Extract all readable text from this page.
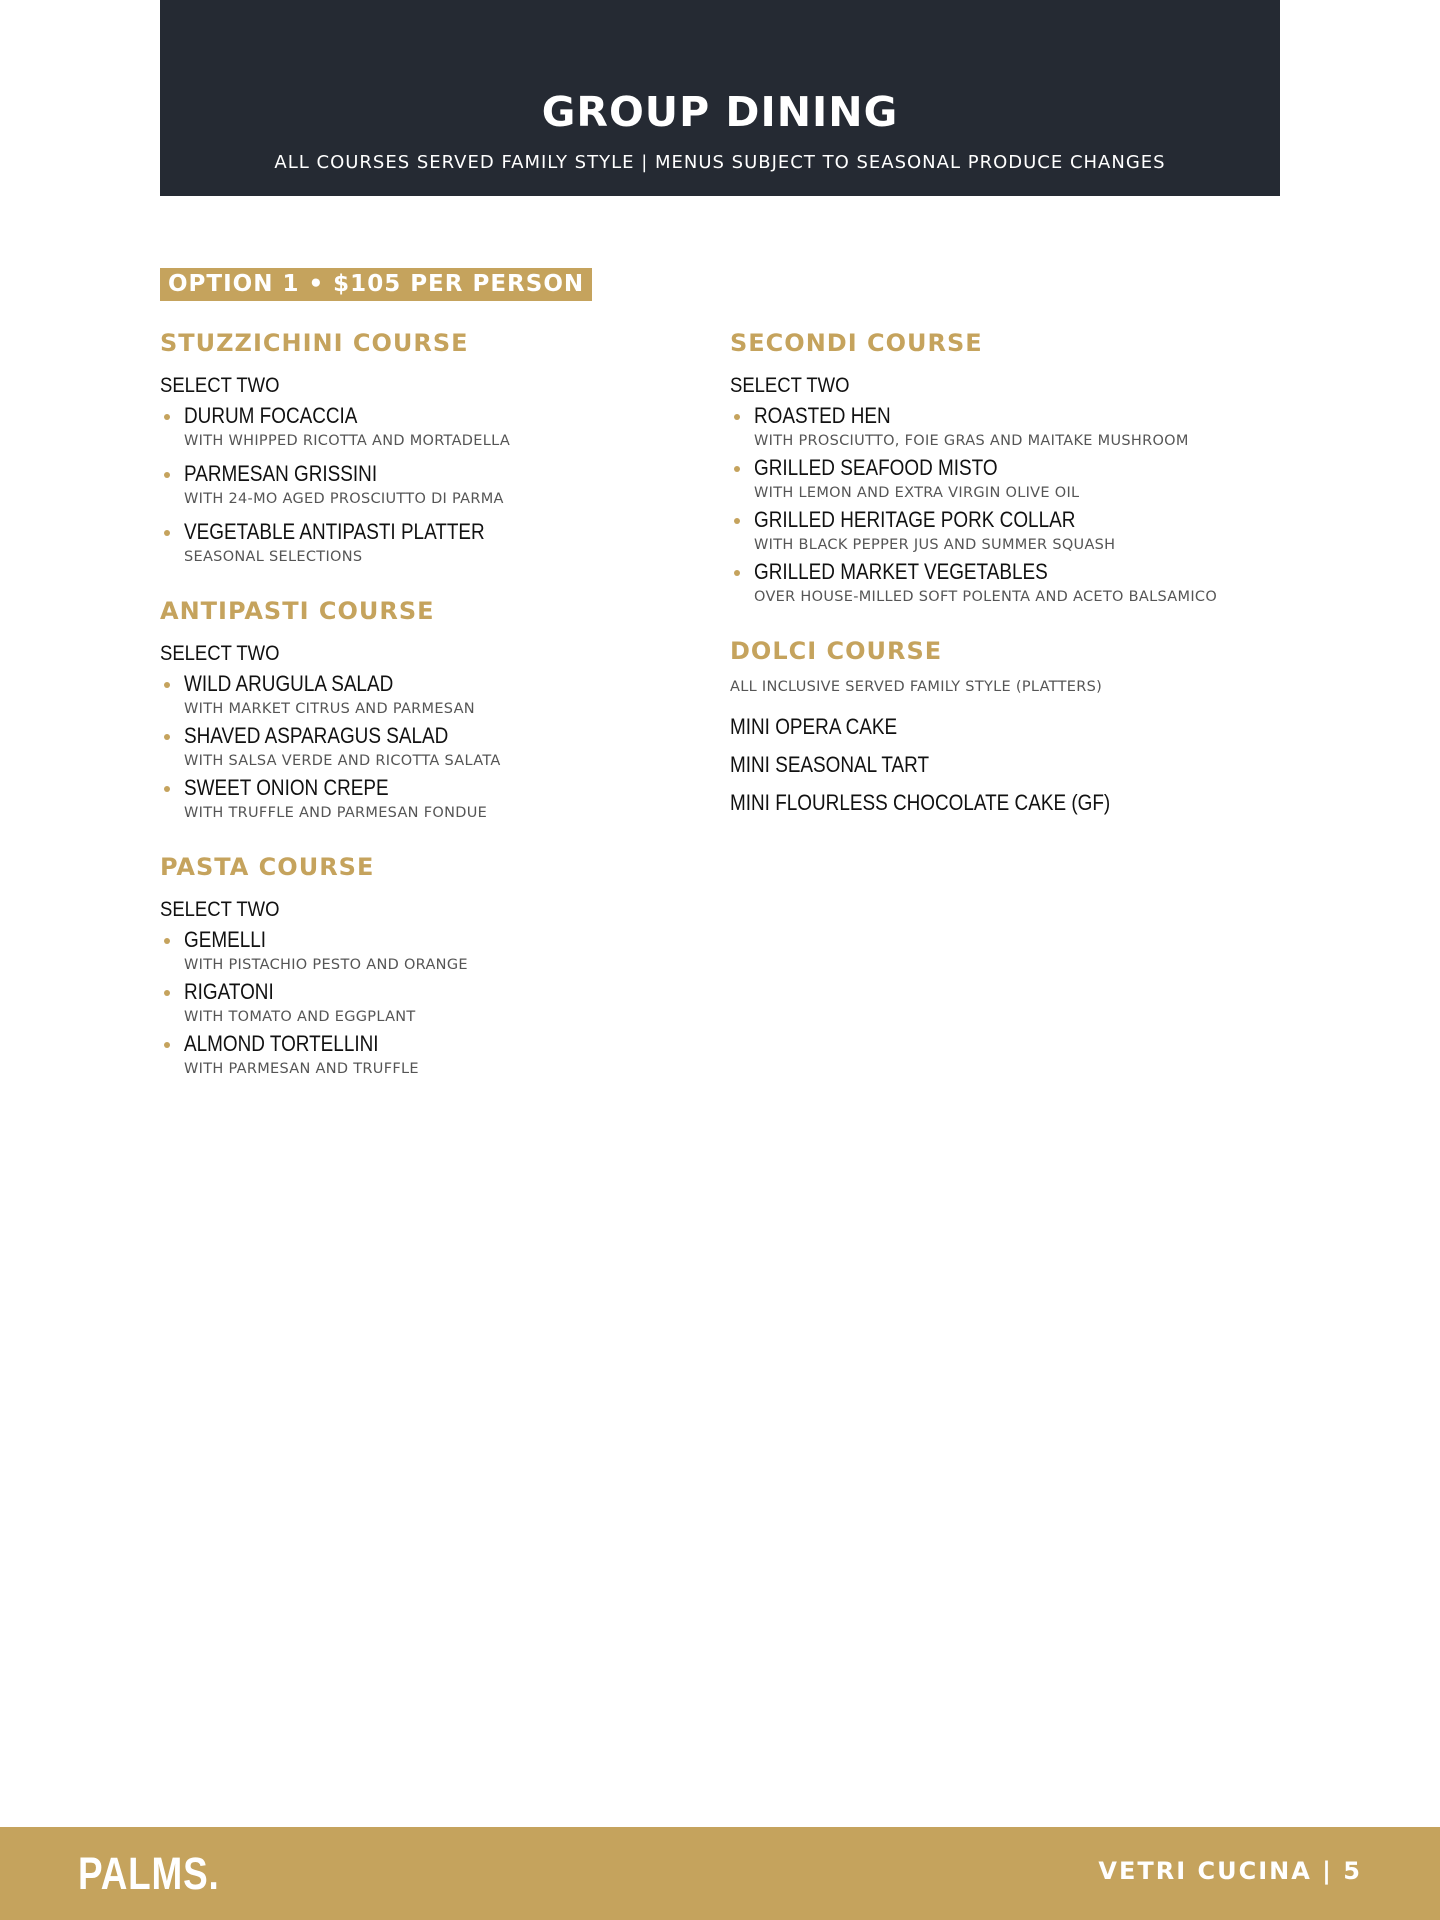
GROUP DINING
ALL COURSES SERVED FAMILY STYLE | MENUS SUBJECT TO SEASONAL PRODUCE CHANGES
OPTION 1 • $105 PER PERSON
STUZZICHINI COURSE
SELECT TWO
DURUM FOCACCIA
WITH WHIPPED RICOTTA AND MORTADELLA
PARMESAN GRISSINI
WITH 24-MO AGED PROSCIUTTO DI PARMA
VEGETABLE ANTIPASTI PLATTER
SEASONAL SELECTIONS
ANTIPASTI COURSE
SELECT TWO
WILD ARUGULA SALAD
WITH MARKET CITRUS AND PARMESAN
SHAVED ASPARAGUS SALAD
WITH SALSA VERDE AND RICOTTA SALATA
SWEET ONION CREPE
WITH TRUFFLE AND PARMESAN FONDUE
PASTA COURSE
SELECT TWO
GEMELLI
WITH PISTACHIO PESTO AND ORANGE
RIGATONI
WITH TOMATO AND EGGPLANT
ALMOND TORTELLINI
WITH PARMESAN AND TRUFFLE
SECONDI COURSE
SELECT TWO
ROASTED HEN
WITH PROSCIUTTO, FOIE GRAS AND MAITAKE MUSHROOM
GRILLED SEAFOOD MISTO
WITH LEMON AND EXTRA VIRGIN OLIVE OIL
GRILLED HERITAGE PORK COLLAR
WITH BLACK PEPPER JUS AND SUMMER SQUASH
GRILLED MARKET VEGETABLES
OVER HOUSE-MILLED SOFT POLENTA AND ACETO BALSAMICO
DOLCI COURSE
ALL INCLUSIVE SERVED FAMILY STYLE (PLATTERS)
MINI OPERA CAKE
MINI SEASONAL TART
MINI FLOURLESS CHOCOLATE CAKE (GF)
PALMS.	VETRI CUCINA | 5
